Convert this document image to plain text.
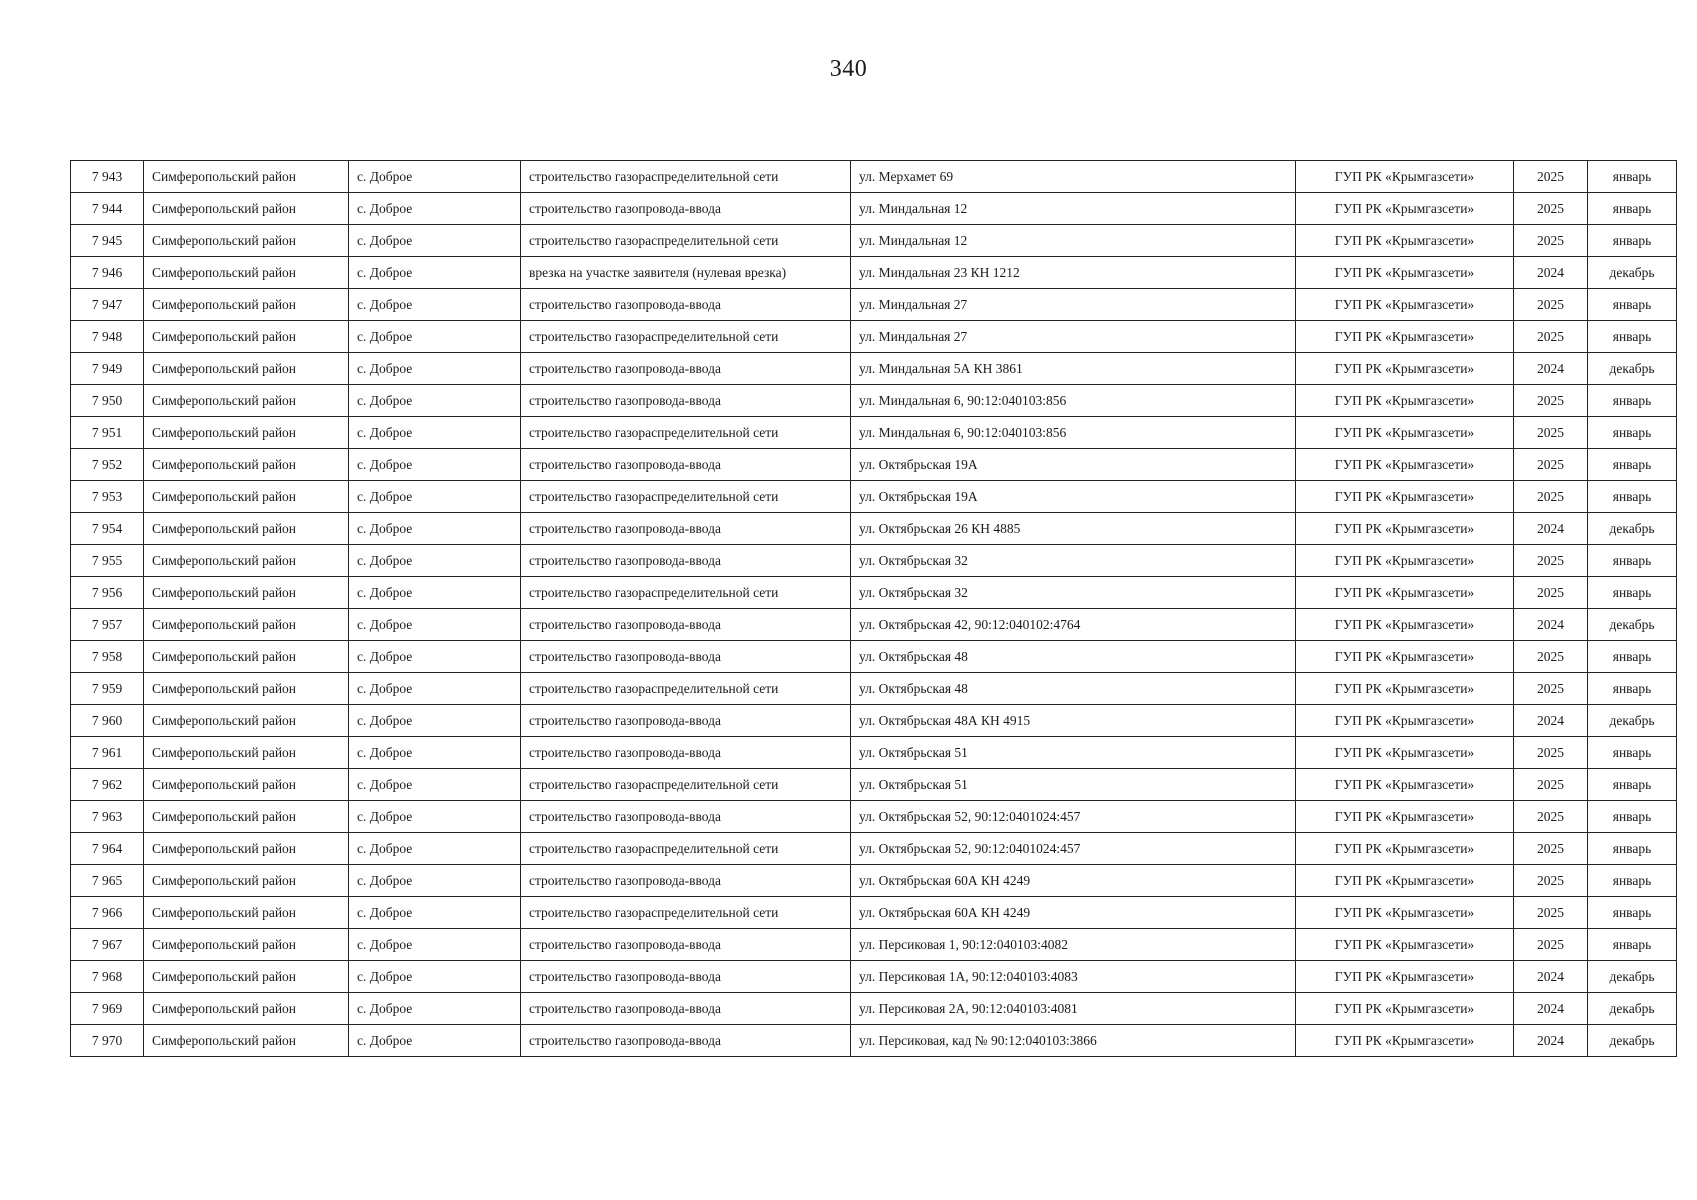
340
7 943	Симферопольский район	с. Доброе	строительство газораспределительной сети	ул. Мерхамет 69	ГУП РК «Крымгазсети»	2025	январь
7 944	Симферопольский район	с. Доброе	строительство газопровода-ввода	ул. Миндальная 12	ГУП РК «Крымгазсети»	2025	январь
7 945	Симферопольский район	с. Доброе	строительство газораспределительной сети	ул. Миндальная 12	ГУП РК «Крымгазсети»	2025	январь
7 946	Симферопольский район	с. Доброе	врезка на участке заявителя (нулевая врезка)	ул. Миндальная 23 КН 1212	ГУП РК «Крымгазсети»	2024	декабрь
7 947	Симферопольский район	с. Доброе	строительство газопровода-ввода	ул. Миндальная 27	ГУП РК «Крымгазсети»	2025	январь
7 948	Симферопольский район	с. Доброе	строительство газораспределительной сети	ул. Миндальная 27	ГУП РК «Крымгазсети»	2025	январь
7 949	Симферопольский район	с. Доброе	строительство газопровода-ввода	ул. Миндальная 5А КН 3861	ГУП РК «Крымгазсети»	2024	декабрь
7 950	Симферопольский район	с. Доброе	строительство газопровода-ввода	ул. Миндальная 6, 90:12:040103:856	ГУП РК «Крымгазсети»	2025	январь
7 951	Симферопольский район	с. Доброе	строительство газораспределительной сети	ул. Миндальная 6, 90:12:040103:856	ГУП РК «Крымгазсети»	2025	январь
7 952	Симферопольский район	с. Доброе	строительство газопровода-ввода	ул. Октябрьская 19А	ГУП РК «Крымгазсети»	2025	январь
7 953	Симферопольский район	с. Доброе	строительство газораспределительной сети	ул. Октябрьская 19А	ГУП РК «Крымгазсети»	2025	январь
7 954	Симферопольский район	с. Доброе	строительство газопровода-ввода	ул. Октябрьская 26 КН 4885	ГУП РК «Крымгазсети»	2024	декабрь
7 955	Симферопольский район	с. Доброе	строительство газопровода-ввода	ул. Октябрьская 32	ГУП РК «Крымгазсети»	2025	январь
7 956	Симферопольский район	с. Доброе	строительство газораспределительной сети	ул. Октябрьская 32	ГУП РК «Крымгазсети»	2025	январь
7 957	Симферопольский район	с. Доброе	строительство газопровода-ввода	ул. Октябрьская 42, 90:12:040102:4764	ГУП РК «Крымгазсети»	2024	декабрь
7 958	Симферопольский район	с. Доброе	строительство газопровода-ввода	ул. Октябрьская 48	ГУП РК «Крымгазсети»	2025	январь
7 959	Симферопольский район	с. Доброе	строительство газораспределительной сети	ул. Октябрьская 48	ГУП РК «Крымгазсети»	2025	январь
7 960	Симферопольский район	с. Доброе	строительство газопровода-ввода	ул. Октябрьская 48А КН 4915	ГУП РК «Крымгазсети»	2024	декабрь
7 961	Симферопольский район	с. Доброе	строительство газопровода-ввода	ул. Октябрьская 51	ГУП РК «Крымгазсети»	2025	январь
7 962	Симферопольский район	с. Доброе	строительство газораспределительной сети	ул. Октябрьская 51	ГУП РК «Крымгазсети»	2025	январь
7 963	Симферопольский район	с. Доброе	строительство газопровода-ввода	ул. Октябрьская 52, 90:12:0401024:457	ГУП РК «Крымгазсети»	2025	январь
7 964	Симферопольский район	с. Доброе	строительство газораспределительной сети	ул. Октябрьская 52, 90:12:0401024:457	ГУП РК «Крымгазсети»	2025	январь
7 965	Симферопольский район	с. Доброе	строительство газопровода-ввода	ул. Октябрьская 60А КН 4249	ГУП РК «Крымгазсети»	2025	январь
7 966	Симферопольский район	с. Доброе	строительство газораспределительной сети	ул. Октябрьская 60А КН 4249	ГУП РК «Крымгазсети»	2025	январь
7 967	Симферопольский район	с. Доброе	строительство газопровода-ввода	ул. Персиковая 1, 90:12:040103:4082	ГУП РК «Крымгазсети»	2025	январь
7 968	Симферопольский район	с. Доброе	строительство газопровода-ввода	ул. Персиковая 1А, 90:12:040103:4083	ГУП РК «Крымгазсети»	2024	декабрь
7 969	Симферопольский район	с. Доброе	строительство газопровода-ввода	ул. Персиковая 2А, 90:12:040103:4081	ГУП РК «Крымгазсети»	2024	декабрь
7 970	Симферопольский район	с. Доброе	строительство газопровода-ввода	ул. Персиковая, кад № 90:12:040103:3866	ГУП РК «Крымгазсети»	2024	декабрь
